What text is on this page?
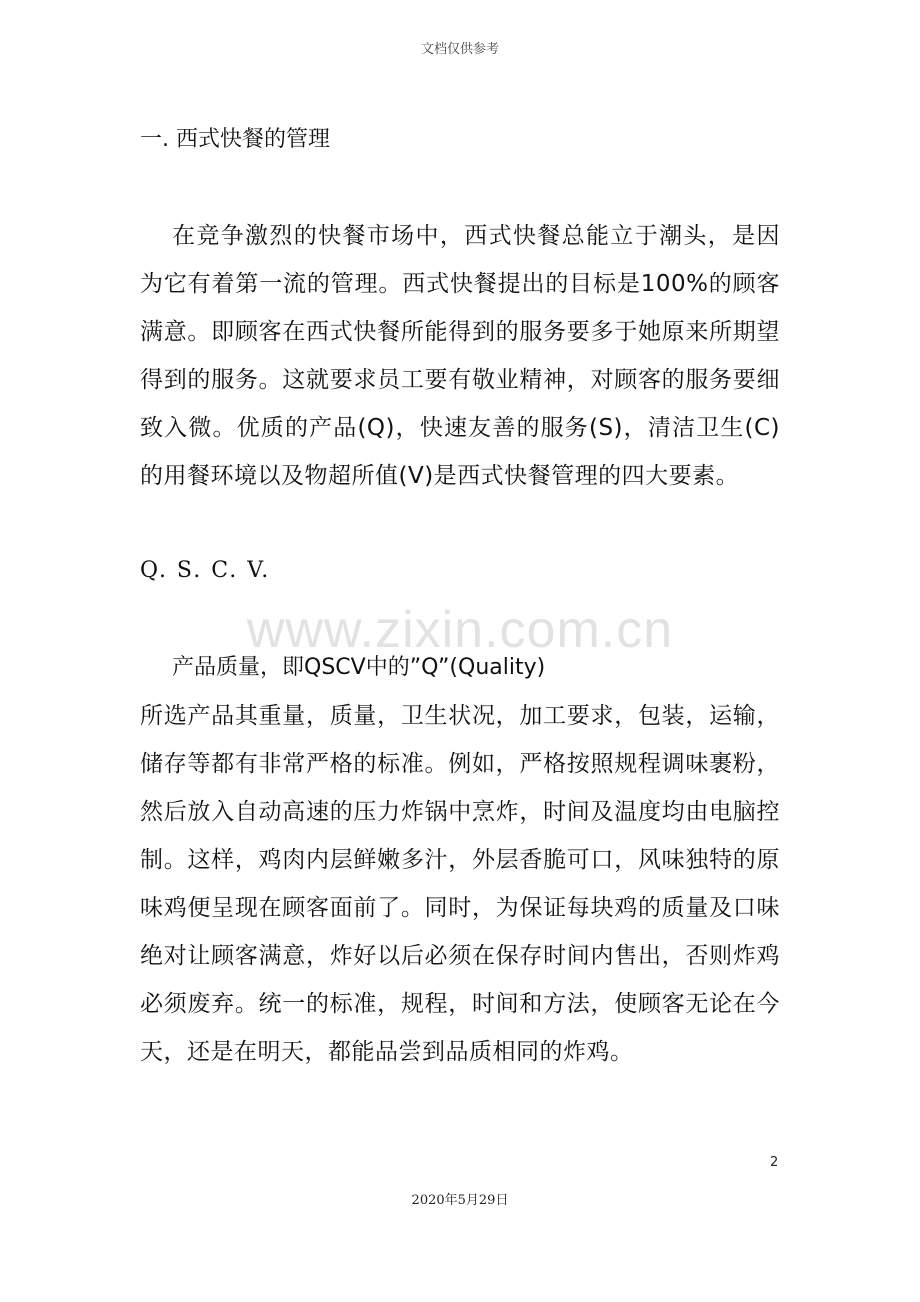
文档仅供参考
一. 西式快餐的管理

在竞争激烈的快餐市场中，西式快餐总能立于潮头，是因为它有着第一流的管理。西式快餐提出的目标是100%的顾客满意。即顾客在西式快餐所能得到的服务要多于她原来所期望得到的服务。这就要求员工要有敬业精神，对顾客的服务要细致入微。优质的产品(Q)，快速友善的服务(S)，清洁卫生(C)的用餐环境以及物超所值(V)是西式快餐管理的四大要素。

Q. S. C. V.
www.zixin.com.cn
产品质量，即QSCV中的”Q”(Quality)

所选产品其重量，质量，卫生状况，加工要求，包装，运输，储存等都有非常严格的标准。例如，严格按照规程调味裹粉，然后放入自动高速的压力炸锅中烹炸，时间及温度均由电脑控制。这样，鸡肉内层鲜嫩多汁，外层香脆可口，风味独特的原味鸡便呈现在顾客面前了。同时，为保证每块鸡的质量及口味绝对让顾客满意，炸好以后必须在保存时间内售出，否则炸鸡必须废弃。统一的标准，规程，时间和方法，使顾客无论在今天，还是在明天，都能品尝到品质相同的炸鸡。

2
2020年5月29日
